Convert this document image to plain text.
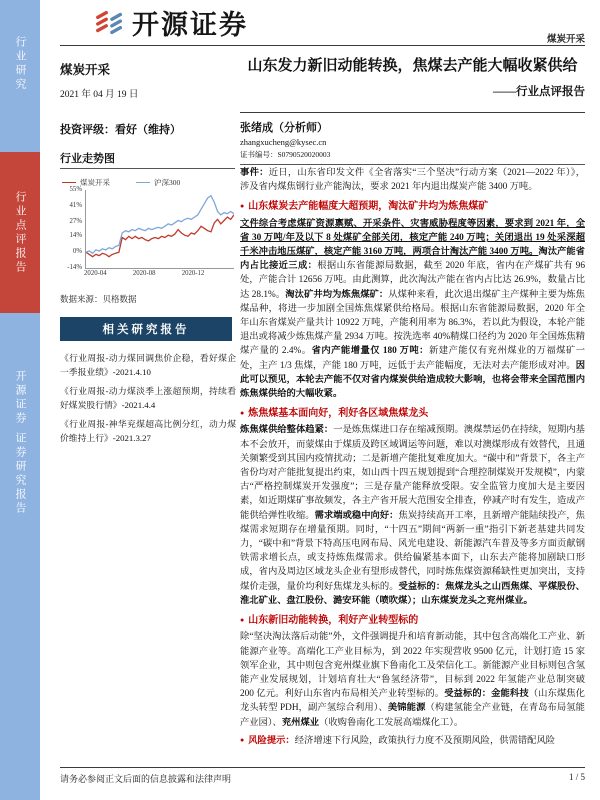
行业研究
行业点评报告
开源证券 证券研究报告
开源证券	煤炭开采
煤炭开采
2021 年 04 月 19 日
山东发力新旧动能转换，焦煤去产能大幅收紧供给
——行业点评报告
投资评级：看好（维持）
行业走势图
煤炭开采	沪深300
55%
41%
27%
14%
0%
-14%
2020-04	2020-08	2020-12
数据来源：贝格数据
相关研究报告
《行业周报-动力煤回调焦价企稳，看好煤企一季报业绩》-2021.4.10
《行业周报-动力煤淡季上涨超预期，持续看好煤炭股行情》-2021.4.4
《行业周报-神华兖煤超高比例分红，动力煤价维持上行》-2021.3.27
张绪成（分析师）
zhangxucheng@kysec.cn
证书编号：S0790520020003

事件：近日，山东省印发文件《全省落实“三个坚决”行动方案（2021—2022 年）》，涉及省内煤焦钢行业产能淘汰，要求 2021 年内退出煤炭产能 3400 万吨。

● 山东煤炭去产能幅度大超预期，淘汰矿井均为炼焦煤矿

文件综合考虑煤矿资源禀赋、开采条件、灾害威胁程度等因素，要求到 2021 年，全省 30 万吨/年及以下 8 处煤矿全部关闭，核定产能 240 万吨；关闭退出 19 处采深超千米冲击地压煤矿，核定产能 3160 万吨，两项合计淘汰产能 3400 万吨。淘汰产能省内占比接近三成：根据山东省能源局数据，截至 2020 年底，省内在产煤矿共有 96 处，产能合计 12656 万吨。由此测算，此次淘汰产能在省内占比达 26.9%，数量占比达 28.1%。淘汰矿井均为炼焦煤矿：从煤种来看，此次退出煤矿主产煤种主要为炼焦煤品种，将进一步加剧全国炼焦煤紧供给格局。根据山东省能源局数据，2020 年全年山东省煤炭产量共计 10922 万吨，产能利用率为 86.3%，若以此为假设，本轮产能退出或将减少炼焦煤产量 2934 万吨。按洗选率 40%精煤口径约为 2020 年全国炼焦精煤产量的 2.4%。省内产能增量仅 180 万吨：新建产能仅有兖州煤业的万福煤矿一处，主产 1/3 焦煤，产能 180 万吨，远低于去产能幅度，无法对去产能形成对冲。因此可以预见，本轮去产能不仅对省内煤炭供给造成较大影响，也将会带来全国范围内炼焦煤供给的大幅收紧。

● 炼焦煤基本面向好，利好各区域焦煤龙头

炼焦煤供给整体趋紧：一是炼焦煤进口存在缩减预期。澳煤禁运仍在持续，短期内基本不会放开，而蒙煤由于煤质及跨区域调运等问题，难以对澳煤形成有效替代，且通关频繁受到其国内疫情扰动；二是新增产能批复难度加大。“碳中和”背景下，各主产省份均对产能批复提出约束，如山西十四五规划提到“合理控制煤炭开发规模”，内蒙古“严格控制煤炭开发强度”；三是存量产能释放受限。安全监管力度加大是主要因素，如近期煤矿事故频发，各主产省开展大范围安全排查，停减产时有发生，造成产能供给弹性收缩。需求端或稳中向好：焦炭持续高开工率，且新增产能陆续投产，焦煤需求短期存在增量预期。同时，“十四五”期间“两新一重”指引下新老基建共同发力，“碳中和”背景下特高压电网布局、风光电建设、新能源汽车普及等多方面贡献钢铁需求增长点，或支持炼焦煤需求。供给偏紧基本面下，山东去产能将加剧缺口形成，省内及周边区域龙头企业有望形成替代，同时炼焦煤资源稀缺性更加突出，支持煤价走强，量价均利好焦煤龙头标的。受益标的：焦煤龙头之山西焦煤、平煤股份、淮北矿业、盘江股份、潞安环能（喷吹煤）；山东煤炭龙头之兖州煤业。

● 山东新旧动能转换，利好产业转型标的

除“坚决淘汰落后动能”外，文件强调提升和培育新动能，其中包含高端化工产业、新能源产业等。高端化工产业目标为，到 2022 年实现营收 9500 亿元，计划打造 15 家领军企业，其中则包含兖州煤业旗下鲁南化工及荣信化工。新能源产业目标则包含氢能产业发展规划，计划培育壮大“鲁氢经济带”，目标到 2022 年氢能产业总制突破 200 亿元。利好山东省内布局相关产业转型标的。受益标的：金能科技（山东煤焦化龙头转型 PDH，副产氢综合利用）、美锦能源（构建氢能全产业链，在青岛布局氢能产业园）、兖州煤业（收购鲁南化工发展高端煤化工）。

● 风险提示：经济增速下行风险，政策执行力度不及预期风险，供需错配风险

请务必参阅正文后面的信息披露和法律声明	1 / 5
